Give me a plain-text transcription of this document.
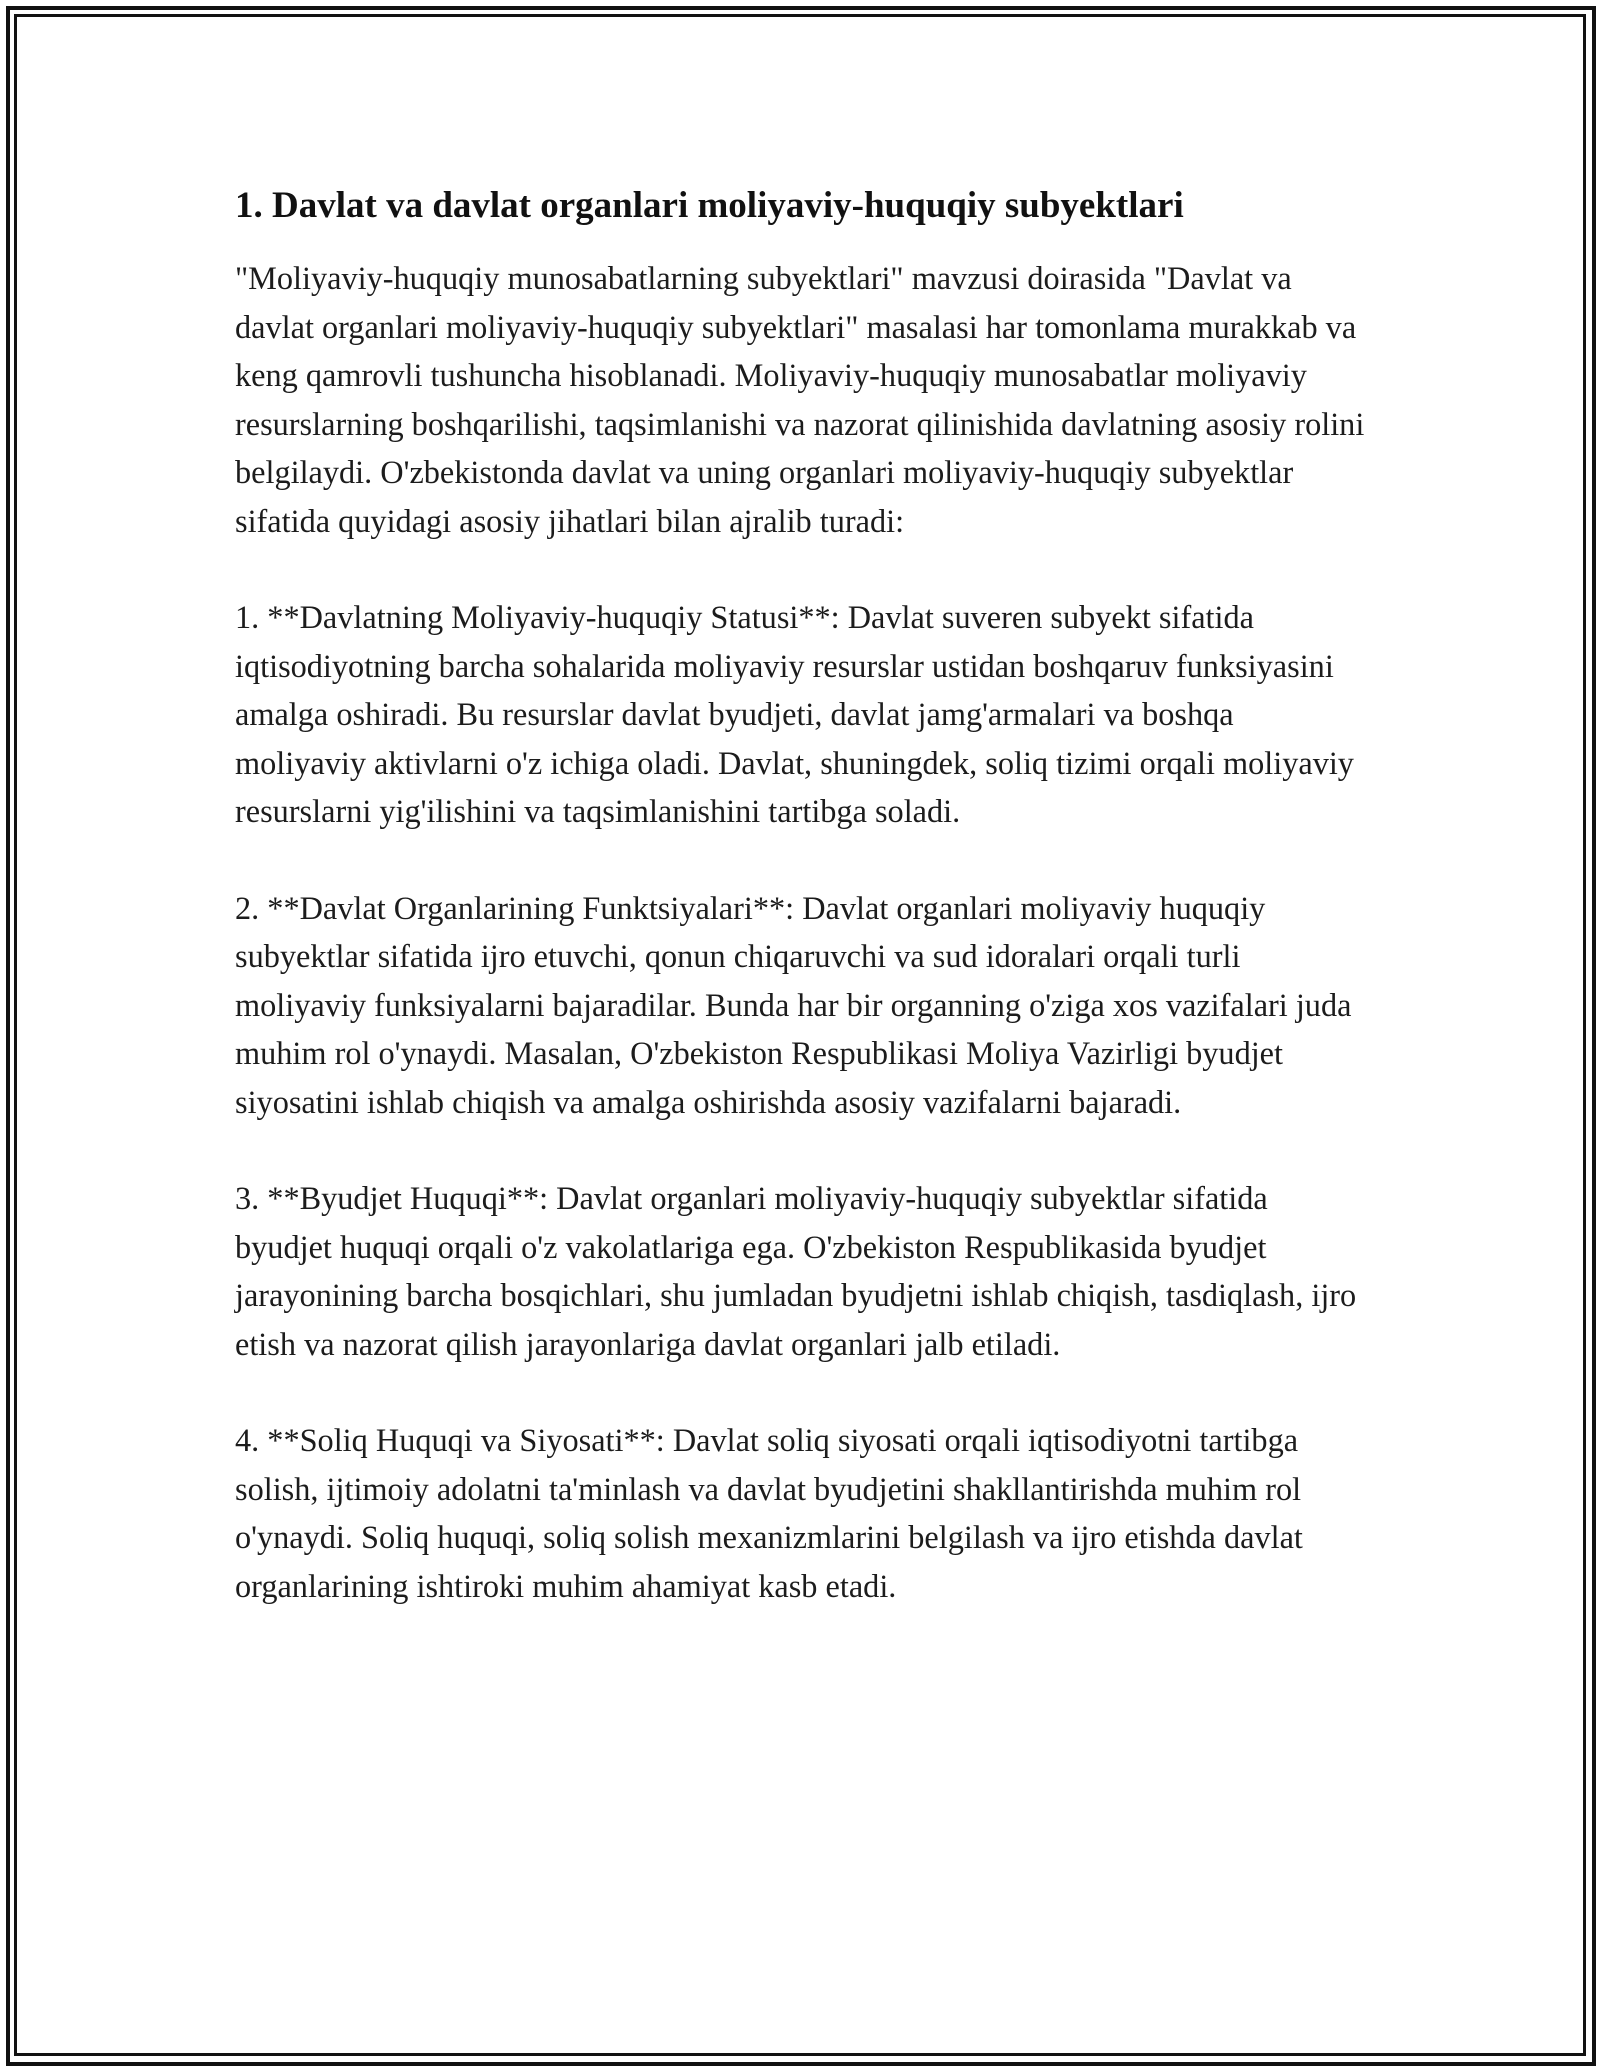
1. Davlat va davlat organlari moliyaviy-huquqiy subyektlari

"Moliyaviy-huquqiy munosabatlarning subyektlari" mavzusi doirasida "Davlat va davlat organlari moliyaviy-huquqiy subyektlari" masalasi har tomonlama murakkab va keng qamrovli tushuncha hisoblanadi. Moliyaviy-huquqiy munosabatlar moliyaviy resurslarning boshqarilishi, taqsimlanishi va nazorat qilinishida davlatning asosiy rolini belgilaydi. O'zbekistonda davlat va uning organlari moliyaviy-huquqiy subyektlar sifatida quyidagi asosiy jihatlari bilan ajralib turadi:

1. **Davlatning Moliyaviy-huquqiy Statusi**: Davlat suveren subyekt sifatida iqtisodiyotning barcha sohalarida moliyaviy resurslar ustidan boshqaruv funksiyasini amalga oshiradi. Bu resurslar davlat byudjeti, davlat jamg'armalari va boshqa moliyaviy aktivlarni o'z ichiga oladi. Davlat, shuningdek, soliq tizimi orqali moliyaviy resurslarni yig'ilishini va taqsimlanishini tartibga soladi.

2. **Davlat Organlarining Funktsiyalari**: Davlat organlari moliyaviy huquqiy subyektlar sifatida ijro etuvchi, qonun chiqaruvchi va sud idoralari orqali turli moliyaviy funksiyalarni bajaradilar. Bunda har bir organning o'ziga xos vazifalari juda muhim rol o'ynaydi. Masalan, O'zbekiston Respublikasi Moliya Vazirligi byudjet siyosatini ishlab chiqish va amalga oshirishda asosiy vazifalarni bajaradi.

3. **Byudjet Huquqi**: Davlat organlari moliyaviy-huquqiy subyektlar sifatida byudjet huquqi orqali o'z vakolatlariga ega. O'zbekiston Respublikasida byudjet jarayonining barcha bosqichlari, shu jumladan byudjetni ishlab chiqish, tasdiqlash, ijro etish va nazorat qilish jarayonlariga davlat organlari jalb etiladi.

4. **Soliq Huquqi va Siyosati**: Davlat soliq siyosati orqali iqtisodiyotni tartibga solish, ijtimoiy adolatni ta'minlash va davlat byudjetini shakllantirishda muhim rol o'ynaydi. Soliq huquqi, soliq solish mexanizmlarini belgilash va ijro etishda davlat organlarining ishtiroki muhim ahamiyat kasb etadi.
